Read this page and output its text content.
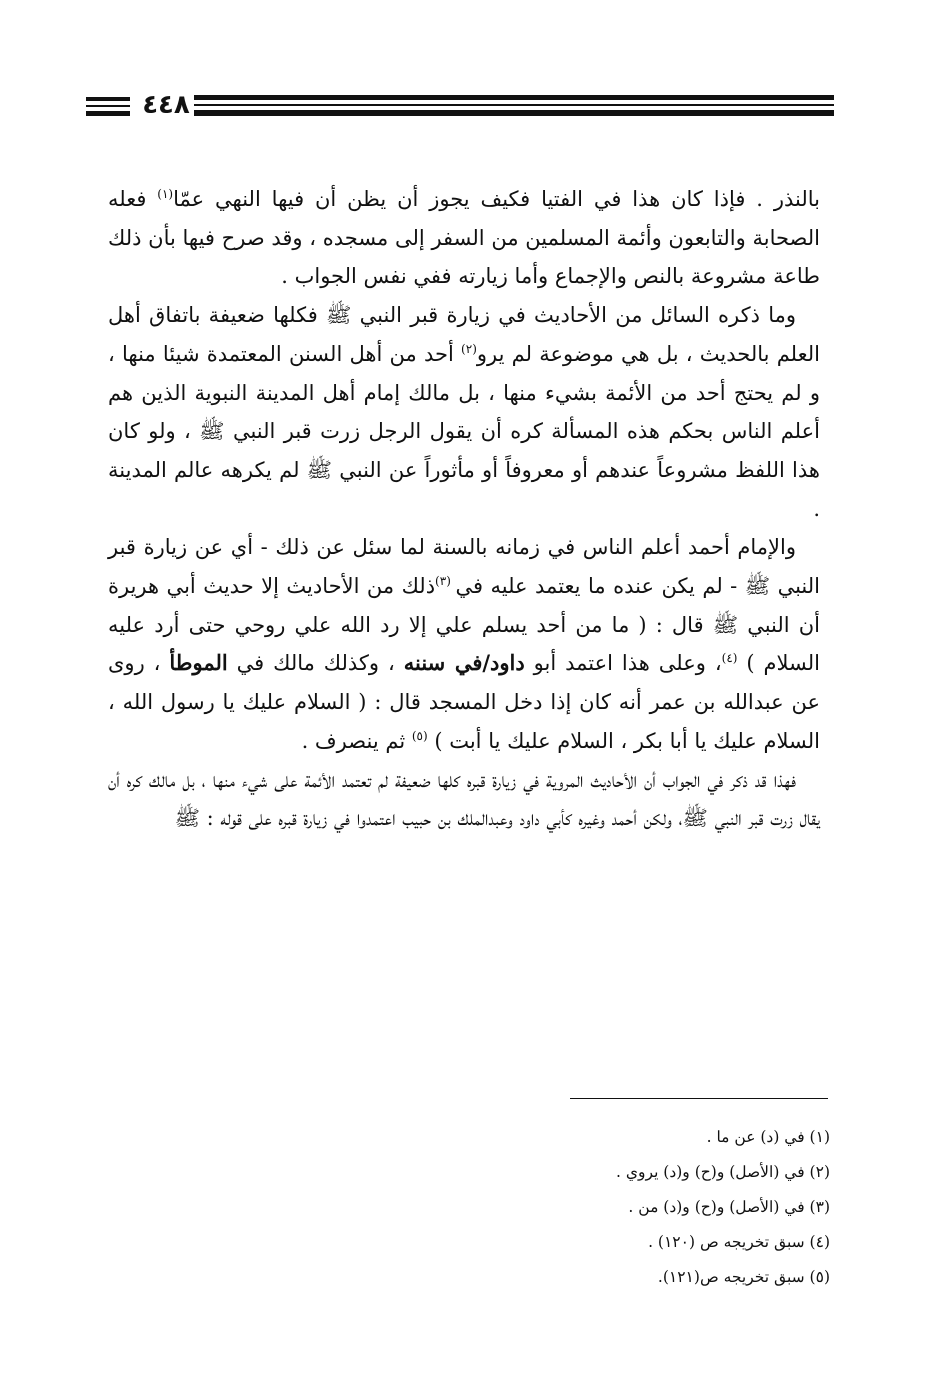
٤٤٨

بالنذر . فإذا كان هذا في الفتيا فكيف يجوز أن يظن أن فيها النهي عمّا$^{(١)}$ فعله الصحابة والتابعون وأئمة المسلمين من السفر إلى مسجده ، وقد صرح فيها بأن ذلك طاعة مشروعة بالنص والإجماع وأما زيارته ففي نفس الجواب .

وما ذكره السائل من الأحاديث في زيارة قبر النبي ﷺ فكلها ضعيفة باتفاق أهل العلم بالحديث ، بل هي موضوعة لم يرو$^{(٢)}$ أحد من أهل السنن المعتمدة شيئا منها ، و لم يحتج أحد من الأئمة بشيء منها ، بل مالك إمام أهل المدينة النبوية الذين هم أعلم الناس بحكم هذه المسألة كره أن يقول الرجل زرت قبر النبي ﷺ ، ولو كان هذا اللفظ مشروعاً عندهم أو معروفاً أو مأثوراً عن النبي ﷺ لم يكرهه عالم المدينة .

والإمام أحمد أعلم الناس في زمانه بالسنة لما سئل عن ذلك - أي عن زيارة قبر النبي ﷺ - لم يكن عنده ما يعتمد عليه في $^{(٣)}$ذلك من الأحاديث إلا حديث أبي هريرة أن النبي ﷺ قال : ( ما من أحد يسلم علي إلا رد الله علي روحي حتى أرد عليه السلام ) $^{(٤)}$، وعلى هذا اعتمد أبو داود/في سننه ، وكذلك مالك في الموطأ ، روى عن عبدالله بن عمر أنه كان إذا دخل المسجد قال : ( السلام عليك يا رسول الله ، السلام عليك يا أبا بكر ، السلام عليك يا أبت ) $^{(٥)}$ ثم ينصرف .

فهذا قد ذكر في الجواب أن الأحاديث المروية في زيارة قبره كلها ضعيفة لم تعتمد الأئمة على شيء منها ، بل مالك كره أن يقال زرت قبر النبي ﷺ، ولكن أحمد وغيره كأبي داود وعبدالملك بن حبيب اعتمدوا في زيارة قبره على قوله : ﷺ

(١) في (د) عن ما .
(٢) في (الأصل) و(ح) و(د) يروي .
(٣) في (الأصل) و(ح) و(د) من .
(٤) سبق تخريجه ص (١٢٠) .
(٥) سبق تخريجه ص(١٢١).
